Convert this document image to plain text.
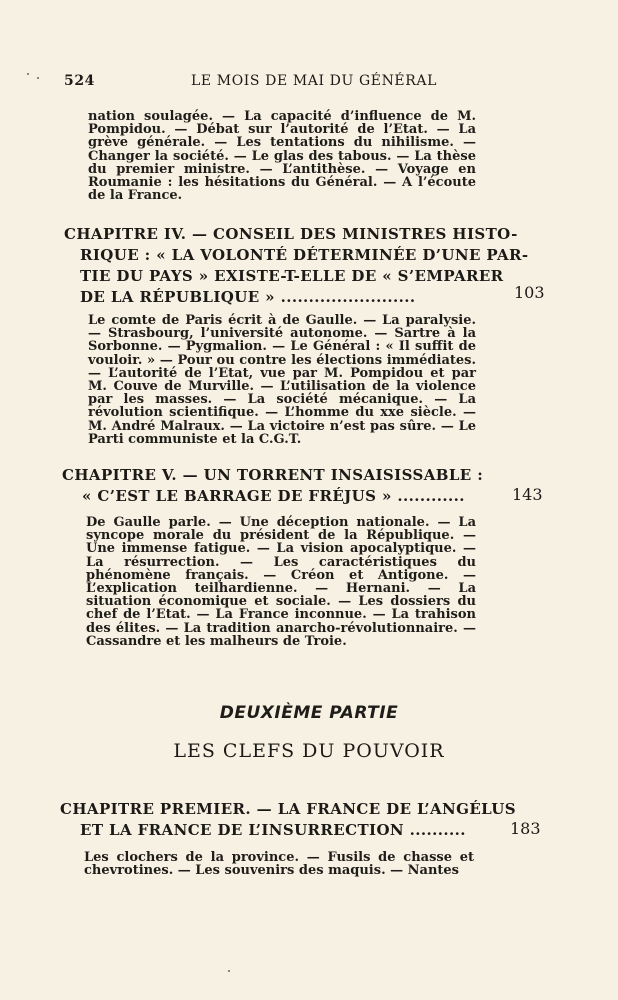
524	LE MOIS DE MAI DU GÉNÉRAL
nation soulagée. — La capacité d’influence de M. Pompidou. — Débat sur l’autorité de l’Etat. — La grève générale. — Les tentations du nihilisme. — Changer la société. — Le glas des tabous. — La thèse du premier ministre. — L’antithèse. — Voyage en Roumanie : les hésitations du Général. — A l’écoute de la France.
CHAPITRE IV. — CONSEIL DES MINISTRES HISTO-
RIQUE : « LA VOLONTÉ DÉTERMINÉE D’UNE PAR-
TIE DU PAYS » EXISTE-T-ELLE DE « S’EMPARER
DE LA RÉPUBLIQUE » ........................	103
Le comte de Paris écrit à de Gaulle. — La paralysie. — Strasbourg, l’université autonome. — Sartre à la Sorbonne. — Pygmalion. — Le Général : « Il suffit de vouloir. » — Pour ou contre les élections immédiates. — L’autorité de l’Etat, vue par M. Pompidou et par M. Couve de Murville. — L’utilisation de la violence par les masses. — La société mécanique. — La révolution scientifique. — L’homme du xxe siècle. — M. André Malraux. — La victoire n’est pas sûre. — Le Parti communiste et la C.G.T.
CHAPITRE V. — UN TORRENT INSAISISSABLE :
« C’EST LE BARRAGE DE FRÉJUS » ............	143
De Gaulle parle. — Une déception nationale. — La syncope morale du président de la République. — Une immense fatigue. — La vision apocalyptique. — La résurrection. — Les caractéristiques du phénomène français. — Créon et Antigone. — L’explication teilhardienne. — Hernani. — La situation économique et sociale. — Les dossiers du chef de l’Etat. — La France inconnue. — La trahison des élites. — La tradition anarcho-révolutionnaire. — Cassandre et les malheurs de Troie.
DEUXIÈME PARTIE
LES CLEFS DU POUVOIR
CHAPITRE PREMIER. — LA FRANCE DE L’ANGÉLUS
ET LA FRANCE DE L’INSURRECTION ..........	183
Les clochers de la province. — Fusils de chasse et chevrotines. — Les souvenirs des maquis. — Nantes
